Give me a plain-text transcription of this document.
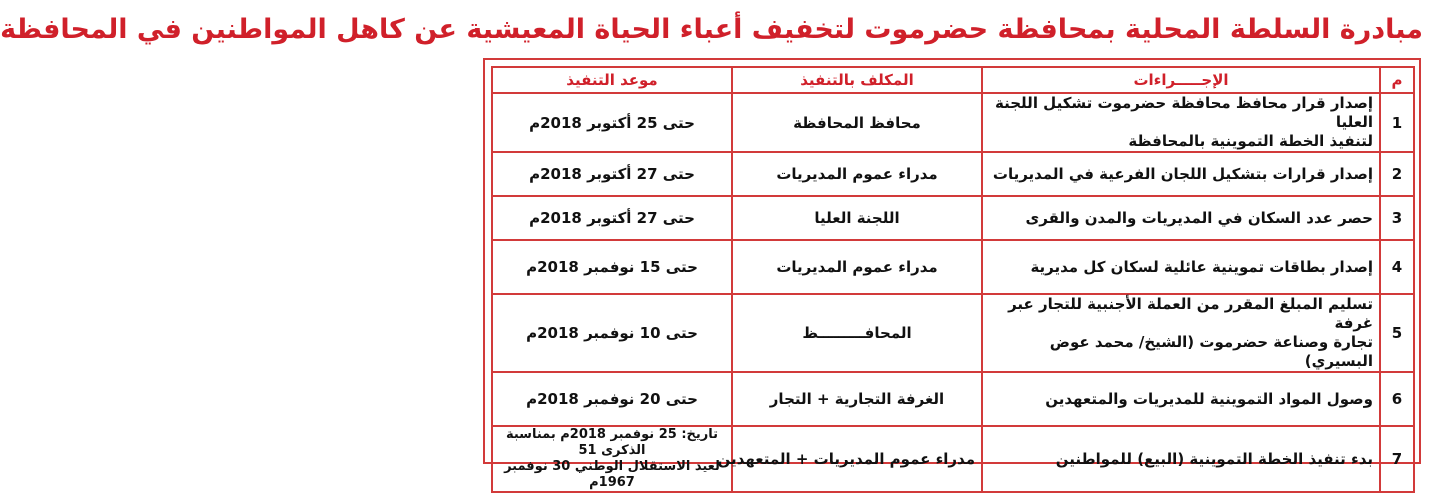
مبادرة السلطة المحلية بمحافظة حضرموت لتخفيف أعباء الحياة المعيشية عن كاهل المواطنين في المحافظة
م	الإجـــــراءات	المكلف بالتنفيذ	موعد التنفيذ
1	إصدار قرار محافظ محافظة حضرموت تشكيل اللجنة العليا
لتنفيذ الخطة التموينية بالمحافظة	محافظ المحافظة	حتى 25 أكتوبر 2018م

2	إصدار قرارات بتشكيل اللجان الفرعية في المديريات	مدراء عموم المديريات	حتى 27 أكتوبر 2018م

3	حصر عدد السكان في المديريات والمدن والقرى	اللجنة العليا	حتى 27 أكتوبر 2018م

4	إصدار بطاقات تموينية عائلية لسكان كل مديرية	مدراء عموم المديريات	حتى 15 نوفمبر 2018م

5	تسليم المبلغ المقرر من العملة الأجنبية للتجار عبر غرفة
تجارة وصناعة حضرموت (الشيخ/ محمد عوض البسيري)	المحافـــــــــظ	حتى 10 نوفمبر 2018م

6	وصول المواد التموينية للمديريات والمتعهدين	الغرفة التجارية + التجار	حتى 20 نوفمبر 2018م

7	بدء تنفيذ الخطة التموينية (البيع) للمواطنين	مدراء عموم المديريات + المتعهدين	تاريخ: 25 نوفمبر 2018م بمناسبة الذكرى 51
لعيد الاستقلال الوطني 30 نوفمبر 1967م
